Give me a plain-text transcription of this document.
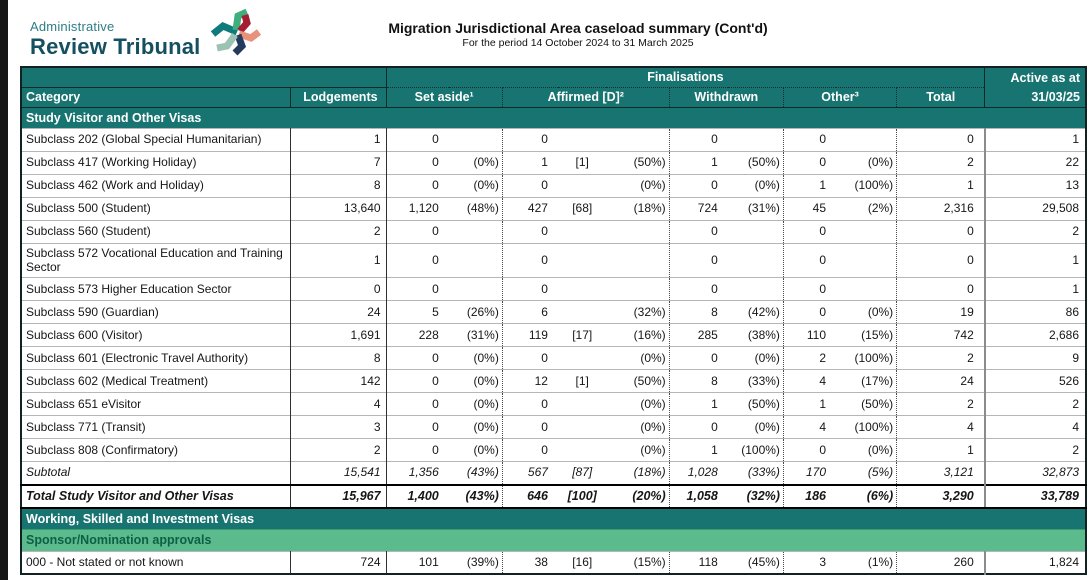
Administrative
Review Tribunal
Migration Jurisdictional Area caseload summary (Cont'd)
For the period 14 October 2024 to 31 March 2025
		Finalisations										Active as at
Category	Lodgements	Set aside¹		Affirmed [D]²			Withdrawn		Other³		Total	31/03/25
Study Visitor and Other Visas												
Subclass 202 (Global Special Humanitarian)	1	0		0			0		0		0	1
Subclass 417 (Working Holiday)	7	0	(0%)	1	[1]	(50%)	1	(50%)	0	(0%)	2	22
Subclass 462 (Work and Holiday)	8	0	(0%)	0		(0%)	0	(0%)	1	(100%)	1	13
Subclass 500 (Student)	13,640	1,120	(48%)	427	[68]	(18%)	724	(31%)	45	(2%)	2,316	29,508
Subclass 560 (Student)	2	0		0			0		0		0	2
Subclass 572 Vocational Education and Training Sector	1	0		0			0		0		0	1
Subclass 573 Higher Education Sector	0	0		0			0		0		0	1
Subclass 590 (Guardian)	24	5	(26%)	6		(32%)	8	(42%)	0	(0%)	19	86
Subclass 600 (Visitor)	1,691	228	(31%)	119	[17]	(16%)	285	(38%)	110	(15%)	742	2,686
Subclass 601 (Electronic Travel Authority)	8	0	(0%)	0		(0%)	0	(0%)	2	(100%)	2	9
Subclass 602 (Medical Treatment)	142	0	(0%)	12	[1]	(50%)	8	(33%)	4	(17%)	24	526
Subclass 651 eVisitor	4	0	(0%)	0		(0%)	1	(50%)	1	(50%)	2	2
Subclass 771 (Transit)	3	0	(0%)	0		(0%)	0	(0%)	4	(100%)	4	4
Subclass 808 (Confirmatory)	2	0	(0%)	0		(0%)	1	(100%)	0	(0%)	1	2
Subtotal	15,541	1,356	(43%)	567	[87]	(18%)	1,028	(33%)	170	(5%)	3,121	32,873
Total Study Visitor and Other Visas	15,967	1,400	(43%)	646	[100]	(20%)	1,058	(32%)	186	(6%)	3,290	33,789
Working, Skilled and Investment Visas												
Sponsor/Nomination approvals												
000 - Not stated or not known	724	101	(39%)	38	[16]	(15%)	118	(45%)	3	(1%)	260	1,824
